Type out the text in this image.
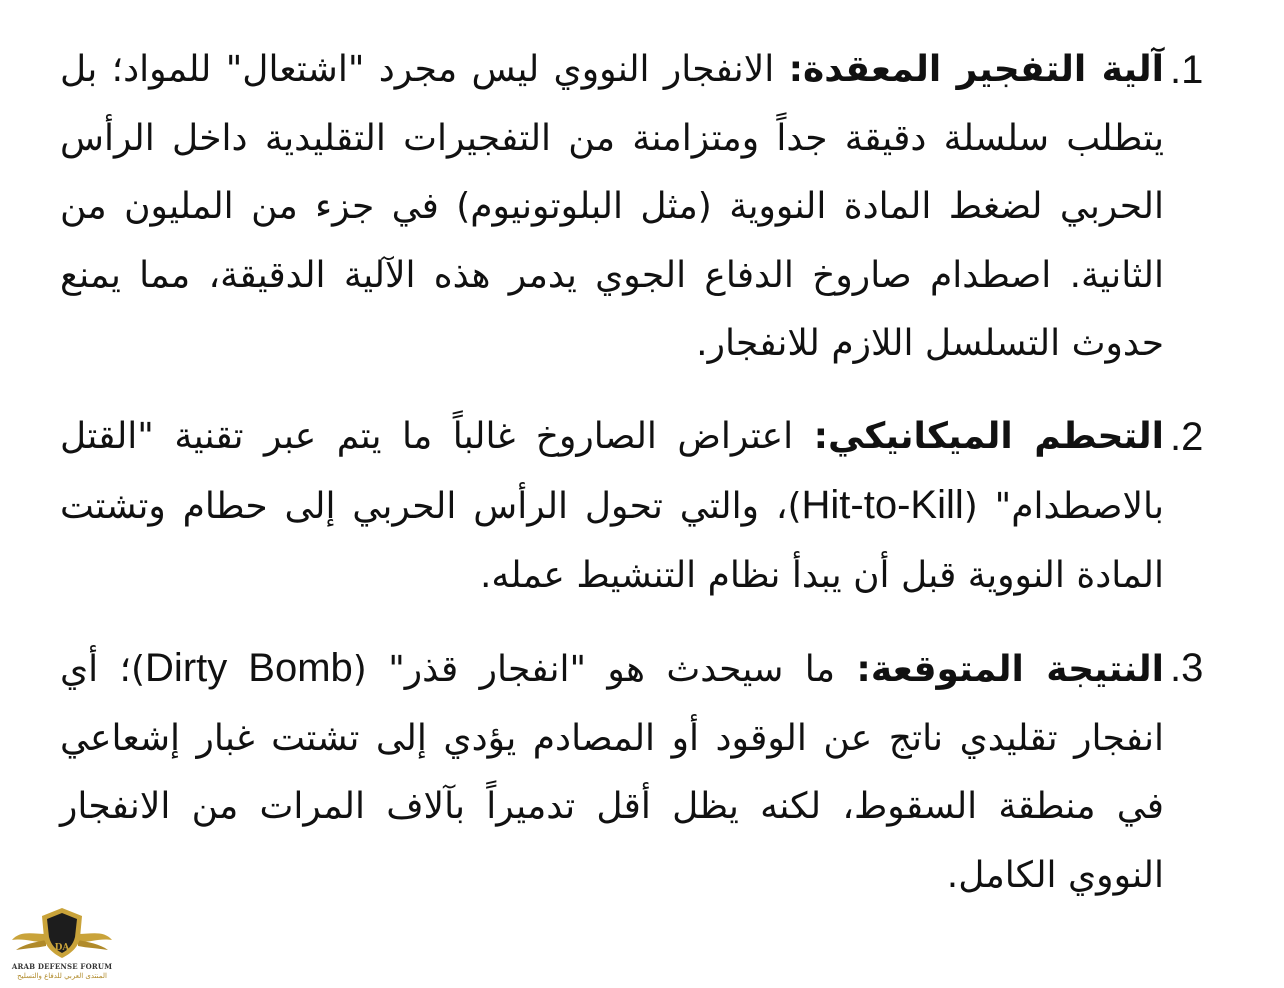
.1
آلية التفجير المعقدة: الانفجار النووي ليس مجرد "اشتعال" للمواد؛ بل يتطلب سلسلة دقيقة جداً ومتزامنة من التفجيرات التقليدية داخل الرأس الحربي لضغط المادة النووية (مثل البلوتونيوم) في جزء من المليون من الثانية. اصطدام صاروخ الدفاع الجوي يدمر هذه الآلية الدقيقة، مما يمنع حدوث التسلسل اللازم للانفجار.
.2
التحطم الميكانيكي: اعتراض الصاروخ غالباً ما يتم عبر تقنية "القتل بالاصطدام" (Hit-to-Kill)، والتي تحول الرأس الحربي إلى حطام وتشتت المادة النووية قبل أن يبدأ نظام التنشيط عمله.
.3
النتيجة المتوقعة: ما سيحدث هو "انفجار قذر" (Dirty Bomb)؛ أي انفجار تقليدي ناتج عن الوقود أو المصادم يؤدي إلى تشتت غبار إشعاعي في منطقة السقوط، لكنه يظل أقل تدميراً بآلاف المرات من الانفجار النووي الكامل.
DA
ARAB DEFENSE FORUM
المنتدى العربي للدفاع والتسليح
